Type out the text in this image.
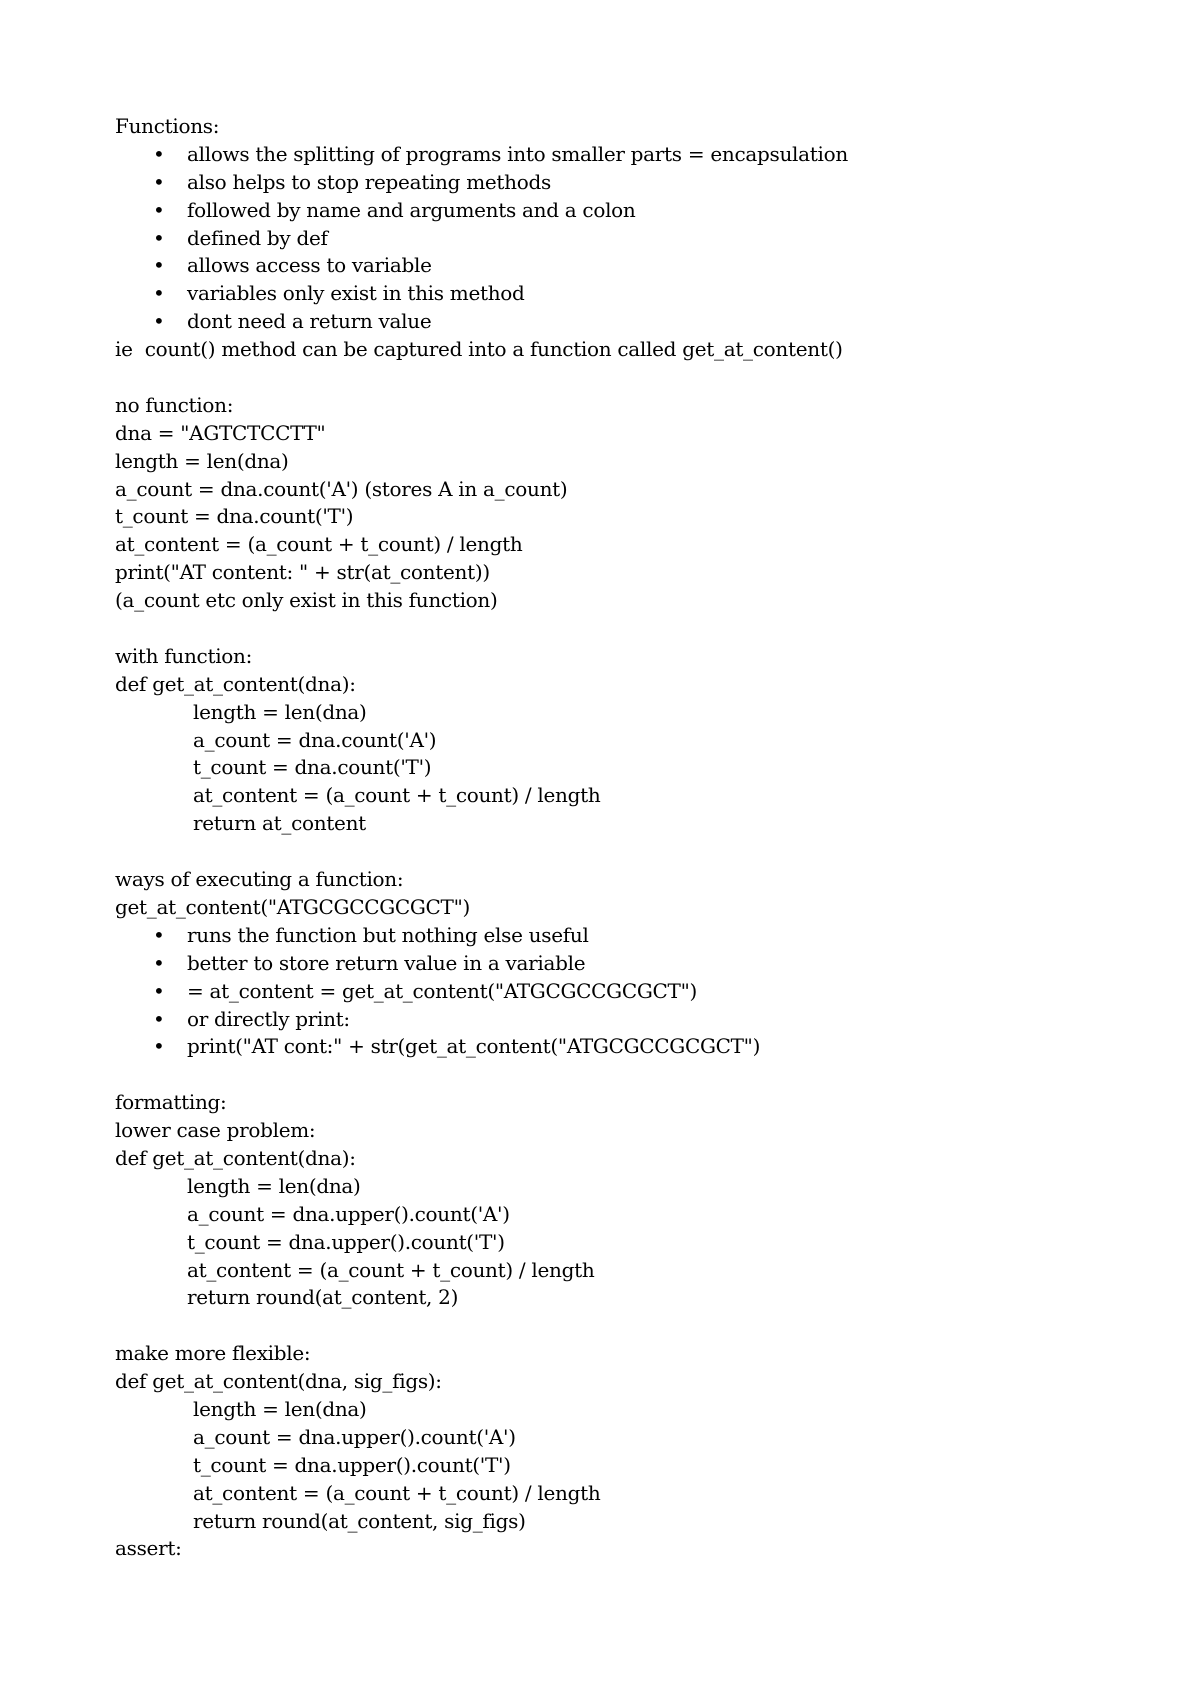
Functions:
• allows the splitting of programs into smaller parts = encapsulation
• also helps to stop repeating methods
• followed by name and arguments and a colon
• defined by def
• allows access to variable
• variables only exist in this method
• dont need a return value
ie  count() method can be captured into a function called get_at_content()
no function:
dna = "AGTCTCCTT"
length = len(dna)
a_count = dna.count('A') (stores A in a_count)
t_count = dna.count('T')
at_content = (a_count + t_count) / length
print("AT content: " + str(at_content))
(a_count etc only exist in this function)
with function:
def get_at_content(dna):
length = len(dna)
a_count = dna.count('A')
t_count = dna.count('T')
at_content = (a_count + t_count) / length
return at_content
ways of executing a function:
get_at_content("ATGCGCCGCGCT")
• runs the function but nothing else useful
• better to store return value in a variable
• = at_content = get_at_content("ATGCGCCGCGCT")
• or directly print:
• print("AT cont:" + str(get_at_content("ATGCGCCGCGCT")
formatting:
lower case problem:
def get_at_content(dna):
length = len(dna)
a_count = dna.upper().count('A')
t_count = dna.upper().count('T')
at_content = (a_count + t_count) / length
return round(at_content, 2)
make more flexible:
def get_at_content(dna, sig_figs):
length = len(dna)
a_count = dna.upper().count('A')
t_count = dna.upper().count('T')
at_content = (a_count + t_count) / length
return round(at_content, sig_figs)
assert:
